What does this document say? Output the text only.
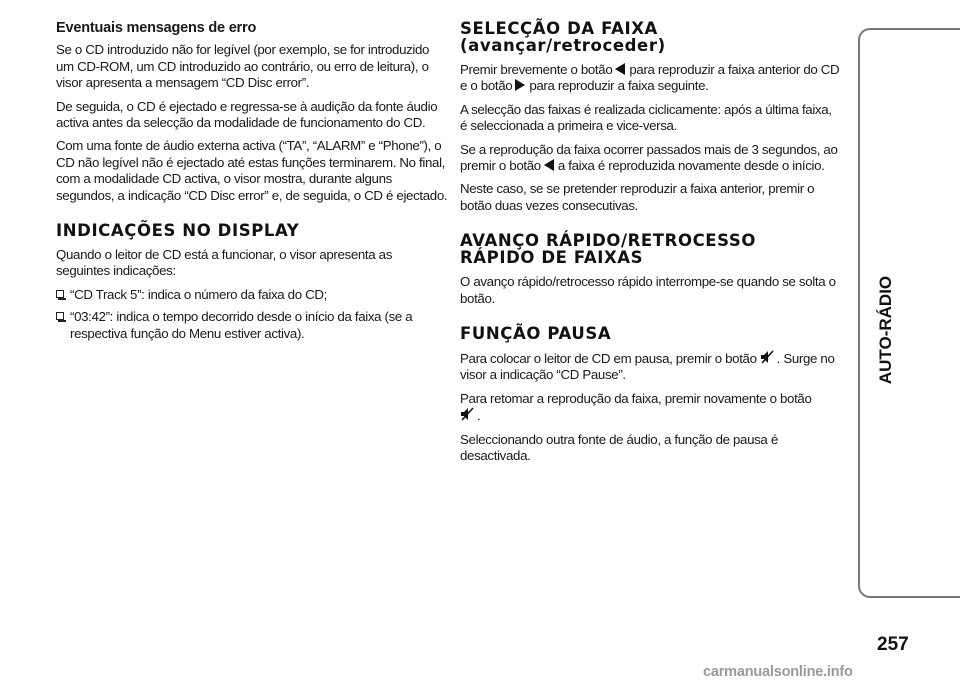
Eventuais mensagens de erro

Se o CD introduzido não for legível (por exemplo, se for introduzido um CD-ROM, um CD introduzido ao contrário, ou erro de leitura), o visor apresenta a mensagem “CD Disc error”.

De seguida, o CD é ejectado e regressa-se à audição da fonte áudio activa antes da selecção da modalidade de funcionamento do CD.

Com uma fonte de áudio externa activa (“TA”, “ALARM” e “Phone”), o CD não legível não é ejectado até estas funções terminarem. No final, com a modalidade CD activa, o visor mostra, durante alguns segundos, a indicação “CD Disc error” e, de seguida, o CD é ejectado.

INDICAÇÕES NO DISPLAY

Quando o leitor de CD está a funcionar, o visor apresenta as seguintes indicações:

“CD Track 5”: indica o número da faixa do CD;
“03:42”: indica o tempo decorrido desde o início da faixa (se a respectiva função do Menu estiver activa).
SELECÇÃO DA FAIXA
(avançar/retroceder)

Premir brevemente o botão para reproduzir a faixa anterior do CD e o botão para reproduzir a faixa seguinte.

A selecção das faixas é realizada ciclicamente: após a última faixa, é seleccionada a primeira e vice-versa.

Se a reprodução da faixa ocorrer passados mais de 3 segundos, ao premir o botão a faixa é reproduzida novamente desde o início.

Neste caso, se se pretender reproduzir a faixa anterior, premir o botão duas vezes consecutivas.

AVANÇO RÁPIDO/RETROCESSO
RÁPIDO DE FAIXAS

O avanço rápido/retrocesso rápido interrompe-se quando se solta o botão.

FUNÇÃO PAUSA

Para colocar o leitor de CD em pausa, premir o botão . Surge no visor a indicação “CD Pause”.

Para retomar a reprodução da faixa, premir novamente o botão
.

Seleccionando outra fonte de áudio, a função de pausa é desactivada.

AUTO-RÁDIO
257
carmanualsonline.info
